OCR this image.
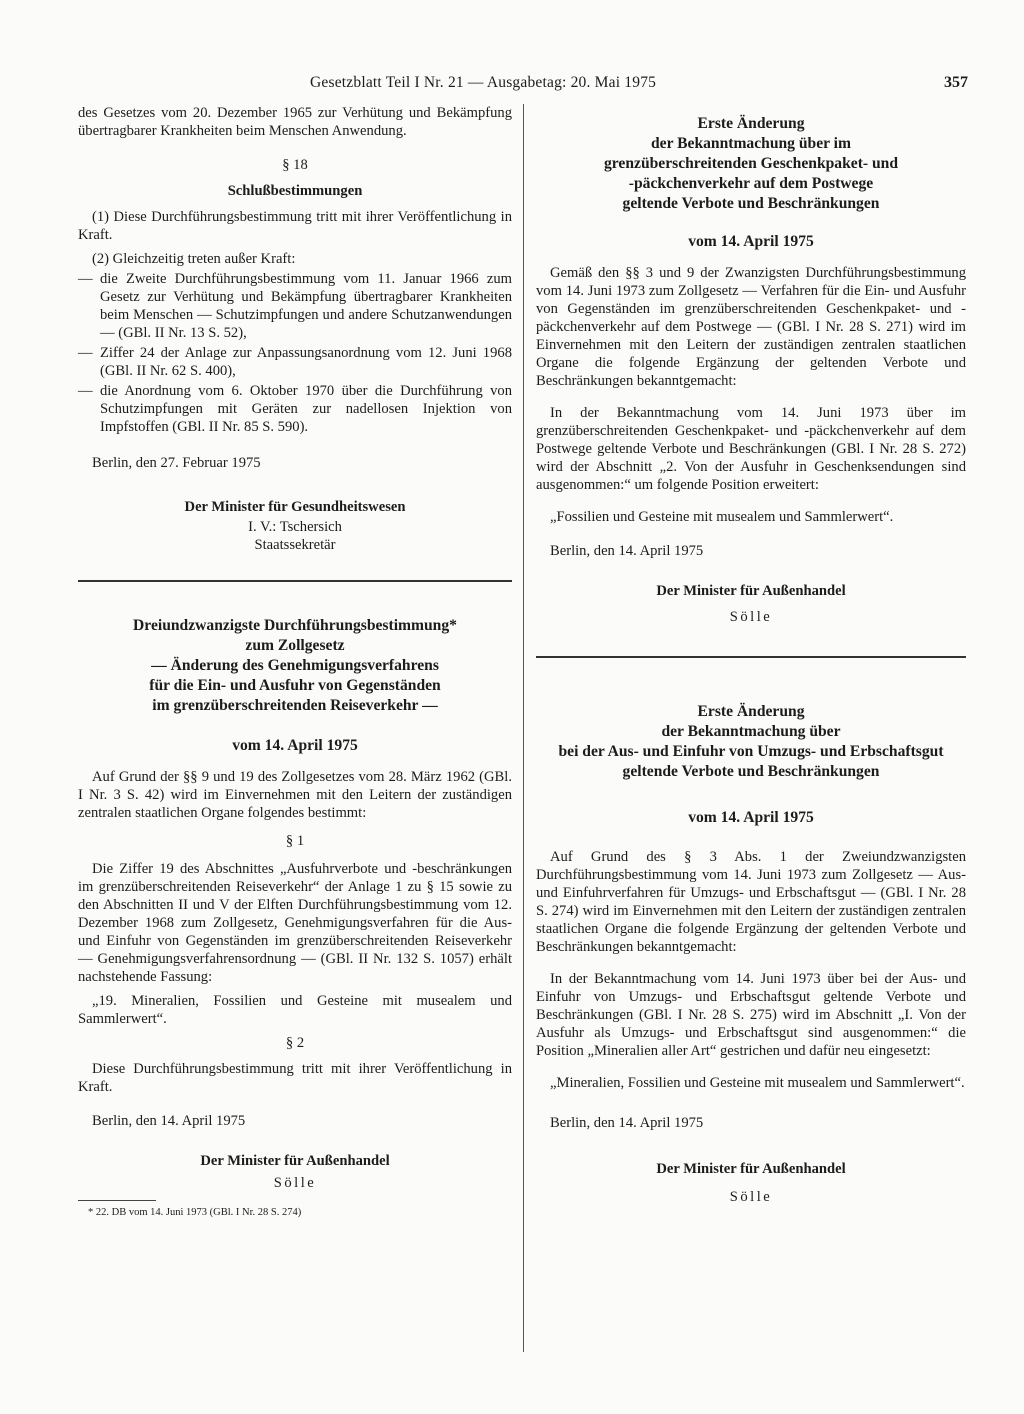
Gesetzblatt Teil I Nr. 21 — Ausgabetag: 20. Mai 1975	357

des Gesetzes vom 20. Dezember 1965 zur Verhütung und Bekämpfung übertragbarer Krankheiten beim Menschen Anwendung.

§ 18

Schlußbestimmungen

(1) Diese Durchführungsbestimmung tritt mit ihrer Veröffentlichung in Kraft.

(2) Gleichzeitig treten außer Kraft:

— die Zweite Durchführungsbestimmung vom 11. Januar 1966 zum Gesetz zur Verhütung und Bekämpfung übertragbarer Krankheiten beim Menschen — Schutzimpfungen und andere Schutzanwendungen — (GBl. II Nr. 13 S. 52),
— Ziffer 24 der Anlage zur Anpassungsanordnung vom 12. Juni 1968 (GBl. II Nr. 62 S. 400),
— die Anordnung vom 6. Oktober 1970 über die Durchführung von Schutzimpfungen mit Geräten zur nadellosen Injektion von Impfstoffen (GBl. II Nr. 85 S. 590).

Berlin, den 27. Februar 1975

Der Minister für Gesundheitswesen

I. V.: Tschersich

Staatssekretär

Dreiundzwanzigste Durchführungsbestimmung*
zum Zollgesetz
— Änderung des Genehmigungsverfahrens
für die Ein- und Ausfuhr von Gegenständen
im grenzüberschreitenden Reiseverkehr —

vom 14. April 1975

Auf Grund der §§ 9 und 19 des Zollgesetzes vom 28. März 1962 (GBl. I Nr. 3 S. 42) wird im Einvernehmen mit den Leitern der zuständigen zentralen staatlichen Organe folgendes bestimmt:

§ 1

Die Ziffer 19 des Abschnittes „Ausfuhrverbote und -beschränkungen im grenzüberschreitenden Reiseverkehr“ der Anlage 1 zu § 15 sowie zu den Abschnitten II und V der Elften Durchführungsbestimmung vom 12. Dezember 1968 zum Zollgesetz, Genehmigungsverfahren für die Aus- und Einfuhr von Gegenständen im grenzüberschreitenden Reiseverkehr — Genehmigungsverfahrensordnung — (GBl. II Nr. 132 S. 1057) erhält nachstehende Fassung:

„19. Mineralien, Fossilien und Gesteine mit musealem und Sammlerwert“.

§ 2

Diese Durchführungsbestimmung tritt mit ihrer Veröffentlichung in Kraft.

Berlin, den 14. April 1975

Der Minister für Außenhandel

Sölle

* 22. DB vom 14. Juni 1973 (GBl. I Nr. 28 S. 274)

Erste Änderung
der Bekanntmachung über im
grenzüberschreitenden Geschenkpaket- und
-päckchenverkehr auf dem Postwege
geltende Verbote und Beschränkungen

vom 14. April 1975

Gemäß den §§ 3 und 9 der Zwanzigsten Durchführungsbestimmung vom 14. Juni 1973 zum Zollgesetz — Verfahren für die Ein- und Ausfuhr von Gegenständen im grenzüberschreitenden Geschenkpaket- und -päckchenverkehr auf dem Postwege — (GBl. I Nr. 28 S. 271) wird im Einvernehmen mit den Leitern der zuständigen zentralen staatlichen Organe die folgende Ergänzung der geltenden Verbote und Beschränkungen bekanntgemacht:

In der Bekanntmachung vom 14. Juni 1973 über im grenzüberschreitenden Geschenkpaket- und -päckchenverkehr auf dem Postwege geltende Verbote und Beschränkungen (GBl. I Nr. 28 S. 272) wird der Abschnitt „2. Von der Ausfuhr in Geschenksendungen sind ausgenommen:“ um folgende Position erweitert:

„Fossilien und Gesteine mit musealem und Sammlerwert“.

Berlin, den 14. April 1975

Der Minister für Außenhandel

Sölle

Erste Änderung
der Bekanntmachung über
bei der Aus- und Einfuhr von Umzugs- und Erbschaftsgut
geltende Verbote und Beschränkungen

vom 14. April 1975

Auf Grund des § 3 Abs. 1 der Zweiundzwanzigsten Durchführungsbestimmung vom 14. Juni 1973 zum Zollgesetz — Aus- und Einfuhrverfahren für Umzugs- und Erbschaftsgut — (GBl. I Nr. 28 S. 274) wird im Einvernehmen mit den Leitern der zuständigen zentralen staatlichen Organe die folgende Ergänzung der geltenden Verbote und Beschränkungen bekanntgemacht:

In der Bekanntmachung vom 14. Juni 1973 über bei der Aus- und Einfuhr von Umzugs- und Erbschaftsgut geltende Verbote und Beschränkungen (GBl. I Nr. 28 S. 275) wird im Abschnitt „I. Von der Ausfuhr als Umzugs- und Erbschaftsgut sind ausgenommen:“ die Position „Mineralien aller Art“ gestrichen und dafür neu eingesetzt:

„Mineralien, Fossilien und Gesteine mit musealem und Sammlerwert“.

Berlin, den 14. April 1975

Der Minister für Außenhandel

Sölle
